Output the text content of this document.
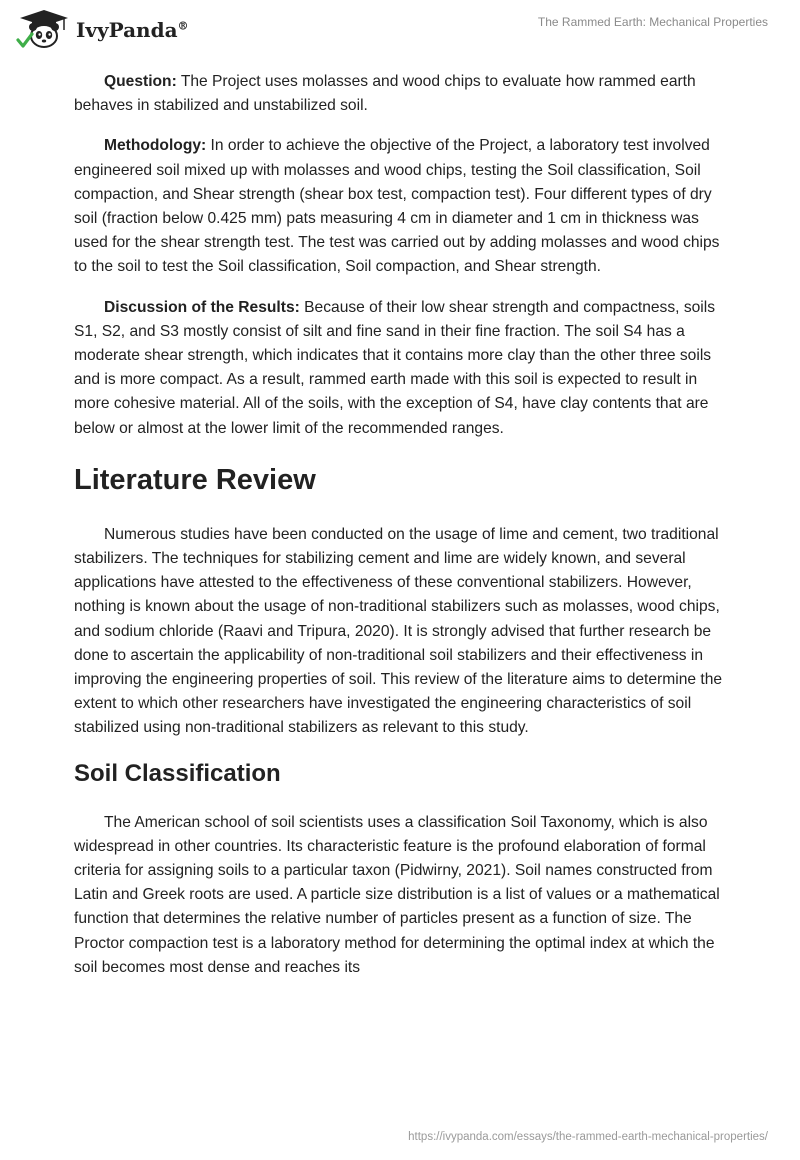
IvyPanda®	The Rammed Earth: Mechanical Properties

Question: The Project uses molasses and wood chips to evaluate how rammed earth behaves in stabilized and unstabilized soil.

Methodology: In order to achieve the objective of the Project, a laboratory test involved engineered soil mixed up with molasses and wood chips, testing the Soil classification, Soil compaction, and Shear strength (shear box test, compaction test). Four different types of dry soil (fraction below 0.425 mm) pats measuring 4 cm in diameter and 1 cm in thickness was used for the shear strength test. The test was carried out by adding molasses and wood chips to the soil to test the Soil classification, Soil compaction, and Shear strength.

Discussion of the Results: Because of their low shear strength and compactness, soils S1, S2, and S3 mostly consist of silt and fine sand in their fine fraction. The soil S4 has a moderate shear strength, which indicates that it contains more clay than the other three soils and is more compact. As a result, rammed earth made with this soil is expected to result in more cohesive material. All of the soils, with the exception of S4, have clay contents that are below or almost at the lower limit of the recommended ranges.

Literature Review

Numerous studies have been conducted on the usage of lime and cement, two traditional stabilizers. The techniques for stabilizing cement and lime are widely known, and several applications have attested to the effectiveness of these conventional stabilizers. However, nothing is known about the usage of non-traditional stabilizers such as molasses, wood chips, and sodium chloride (Raavi and Tripura, 2020). It is strongly advised that further research be done to ascertain the applicability of non-traditional soil stabilizers and their effectiveness in improving the engineering properties of soil. This review of the literature aims to determine the extent to which other researchers have investigated the engineering characteristics of soil stabilized using non-traditional stabilizers as relevant to this study.

Soil Classification

The American school of soil scientists uses a classification Soil Taxonomy, which is also widespread in other countries. Its characteristic feature is the profound elaboration of formal criteria for assigning soils to a particular taxon (Pidwirny, 2021). Soil names constructed from Latin and Greek roots are used. A particle size distribution is a list of values or a mathematical function that determines the relative number of particles present as a function of size. The Proctor compaction test is a laboratory method for determining the optimal index at which the soil becomes most dense and reaches its

https://ivypanda.com/essays/the-rammed-earth-mechanical-properties/
